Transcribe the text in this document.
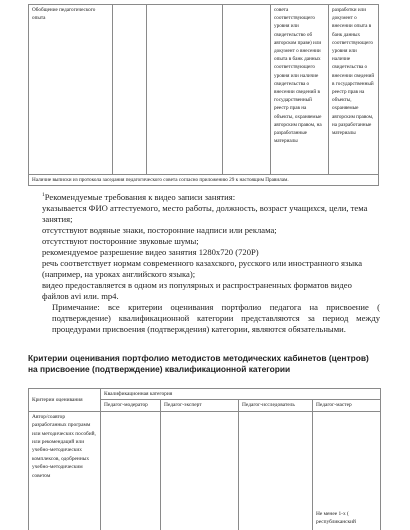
Обобщение педагогического опыта				совета соответствующего уровня или свидетельство об авторском праве) или документ о внесении опыта в банк данных соответствующего уровня или наличие свидетельства о внесении сведений в государственный реестр прав на объекты, охраняемые авторским правом, на разработанные материалы	разработки или документ о внесении опыта в банк данных соответствующего уровня или наличие свидетельства о внесении сведений в государственный реестр прав на объекты, охраняемые авторским правом, на разработанные материалы
Наличие выписки из протокола заседания педагогического совета согласно приложению 29 к настоящим Правилам.

$^1$Рекомендуемые требования к видео записи занятия:

указывается ФИО аттестуемого, место работы, должность, возраст учащихся, цели, тема занятия;

отсутствуют водяные знаки, посторонние надписи или реклама;

отсутствуют посторонние звуковые шумы;

рекомендуемое разрешение видео занятия 1280x720 (720P)

речь соответствует нормам современного казахского, русского или иностранного языка (например, на уроках английского языка);

видео предоставляется в одном из популярных и распространенных форматов видео файлов avi или. mp4.

Примечание: все критерии оценивания портфолио педагога на присвоение ( подтверждение) квалификационной категории представляются за период между процедурами присвоения (подтверждения) категории, являются обязательными.

Критерии оценивания портфолио методистов методических кабинетов (центров) на присвоение (подтверждение) квалификационной категории
Критерии оценивания	Квалификационная категория			
	Педагог-модератор	Педагог-эксперт	Педагог-исследователь	Педагог-мастер
Автор/соавтор разработанных программ или методических пособий, или рекомендаций или учебно-методических комплексов, одобренных учебно-методическим советом				Не менее 1-х ( республиканский
